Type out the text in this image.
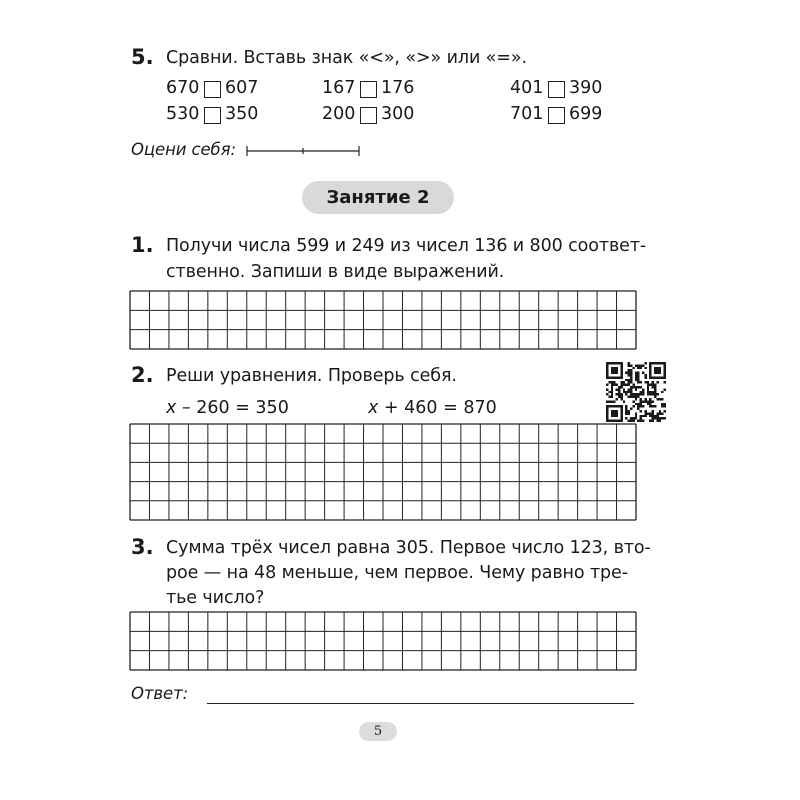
5. Сравни. Вставь знак «<», «>» или «=».
670 607	167 176	401 390
530 350	200 300	701 699
Оцени себя:
Занятие 2
1. Получи числа 599 и 249 из чисел 136 и 800 соответ-
ственно. Запиши в виде выражений.
2. Реши уравнения. Проверь себя.
x – 260 = 350	x + 460 = 870
3. Сумма трёх чисел равна 305. Первое число 123, вто-
рое — на 48 меньше, чем первое. Чему равно тре-
тье число?
Ответ:
5
